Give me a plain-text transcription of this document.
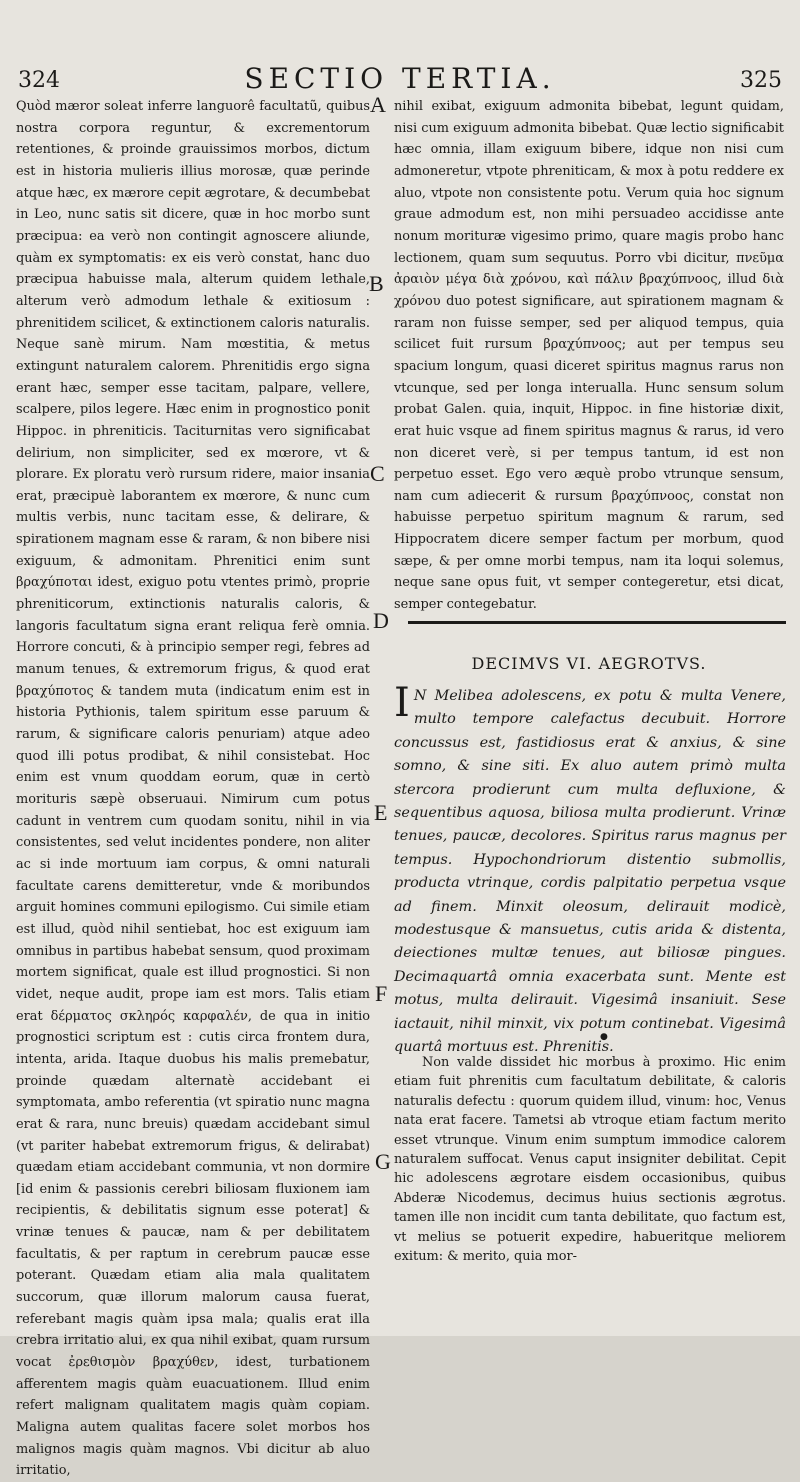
324	SECTIO TERTIA.	325

Quòd mæror soleat inferre languorê facultatũ, quibus nostra corpora reguntur, & excrementorum retentiones, & proinde grauissimos morbos, dictum est in historia mulieris illius morosæ, quæ perinde atque hæc, ex mærore cepit ægrotare, & decumbebat in Leo, nunc satis sit dicere, quæ in hoc morbo sunt præcipua: ea verò non contingit agnoscere aliunde, quàm ex symptomatis: ex eis verò constat, hanc duo præcipua habuisse mala, alterum quidem lethale, alterum verò admodum lethale & exitiosum : phrenitidem scilicet, & extinctionem caloris naturalis. Neque sanè mirum. Nam mœstitia, & metus extingunt naturalem calorem. Phrenitidis ergo signa erant hæc, semper esse tacitam, palpare, vellere, scalpere, pilos legere. Hæc enim in prognostico ponit Hippoc. in phreniticis. Taciturnitas vero significabat delirium, non simpliciter, sed ex mœrore, vt & plorare. Ex ploratu verò rursum ridere, maior insania erat, præcipuè laborantem ex mœrore, & nunc cum multis verbis, nunc tacitam esse, & delirare, & spirationem magnam esse & raram, & non bibere nisi exiguum, & admonitam. Phrenitici enim sunt βραχύποται idest, exiguo potu vtentes primò, proprie phreniticorum, extinctionis naturalis caloris, & langoris facultatum signa erant reliqua ferè omnia. Horrore concuti, & à principio semper regi, febres ad manum tenues, & extremorum frigus, & quod erat βραχύποτος & tandem muta (indicatum enim est in historia Pythionis, talem spiritum esse paruum & rarum, & significare caloris penuriam) atque adeo quod illi potus prodibat, & nihil consistebat. Hoc enim est vnum quoddam eorum, quæ in certò morituris sæpè obseruaui. Nimirum cum potus cadunt in ventrem cum quodam sonitu, nihil in via consistentes, sed velut incidentes pondere, non aliter ac si inde mortuum iam corpus, & omni naturali facultate carens demitteretur, vnde & moribundos arguit homines communi epilogismo. Cui simile etiam est illud, quòd nihil sentiebat, hoc est exiguum iam omnibus in partibus habebat sensum, quod proximam mortem significat, quale est illud prognostici. Si non videt, neque audit, prope iam est mors. Talis etiam erat δέρματος σκληρός καρφαλέν, de qua in initio prognostici scriptum est : cutis circa frontem dura, intenta, arida. Itaque duobus his malis premebatur, proinde quædam alternatè accidebant ei symptomata, ambo referentia (vt spiratio nunc magna erat & rara, nunc breuis) quædam accidebant simul (vt pariter habebat extremorum frigus, & delirabat) quædam etiam accidebant communia, vt non dormire [id enim & passionis cerebri biliosam fluxionem iam recipientis, & debilitatis signum esse poterat] & vrinæ tenues & paucæ, nam & per debilitatem facultatis, & per raptum in cerebrum paucæ esse poterant. Quædam etiam alia mala qualitatem succorum, quæ illorum malorum causa fuerat, referebant magis quàm ipsa mala; qualis erat illa crebra irritatio alui, ex qua nihil exibat, quam rursum vocat ἐρεθισμὸν βραχύθεν, idest, turbationem afferentem magis quàm euacuationem. Illud enim refert malignam qualitatem magis quàm copiam. Maligna autem qualitas facere solet morbos hos malignos magis quàm magnos. Vbi dicitur ab aluo irritatio,

nihil exibat, exiguum admonita bibebat, legunt quidam, nisi cum exiguum admonita bibebat. Quæ lectio significabit hæc omnia, illam exiguum bibere, idque non nisi cum admoneretur, vtpote phreniticam, & mox à potu reddere ex aluo, vtpote non consistente potu. Verum quia hoc signum graue admodum est, non mihi persuadeo accidisse ante nonum morituræ vigesimo primo, quare magis probo hanc lectionem, quam sum sequutus. Porro vbi dicitur, πνεῦμα ἀραιὸν μέγα διὰ χρόνου, καὶ πάλιν βραχύπνοος, illud διὰ χρόνου duo potest significare, aut spirationem magnam & raram non fuisse semper, sed per aliquod tempus, quia scilicet fuit rursum βραχύπνοος; aut per tempus seu spacium longum, quasi diceret spiritus magnus rarus non vtcunque, sed per longa interualla. Hunc sensum solum probat Galen. quia, inquit, Hippoc. in fine historiæ dixit, erat huic vsque ad finem spiritus magnus & rarus, id vero non diceret verè, si per tempus tantum, id est non perpetuo esset. Ego vero æquè probo vtrunque sensum, nam cum adiecerit & rursum βραχύπνοος, constat non habuisse perpetuo spiritum magnum & rarum, sed Hippocratem dicere semper factum per morbum, quod sæpe, & per omne morbi tempus, nam ita loqui solemus, neque sane opus fuit, vt semper contegeretur, etsi dicat, semper contegebatur.

A
B
C
D
E
F
G
DECIMVS VI. AEGROTVS.
I N Melibea adolescens, ex potu & multa Venere, multo tempore calefactus decubuit. Horrore concussus est, fastidiosus erat & anxius, & sine somno, & sine siti. Ex aluo autem primò multa stercora prodierunt cum multa defluxione, & sequentibus aquosa, biliosa multa prodierunt. Vrinæ tenues, paucæ, decolores. Spiritus rarus magnus per tempus. Hypochondriorum distentio submollis, producta vtrinque, cordis palpitatio perpetua vsque ad finem. Minxit oleosum, delirauit modicè, modestusque & mansuetus, cutis arida & distenta, deiectiones multæ tenues, aut biliosæ pingues. Decimaquartâ omnia exacerbata sunt. Mente est motus, multa delirauit. Vigesimâ insaniuit. Sese iactauit, nihil minxit, vix potum continebat. Vigesimâ quartâ mortuus est. Phrenitis.
●
Non valde dissidet hic morbus à proximo. Hic enim etiam fuit phrenitis cum facultatum debilitate, & caloris naturalis defectu : quorum quidem illud, vinum: hoc, Venus nata erat facere. Tametsi ab vtroque etiam factum merito esset vtrunque. Vinum enim sumptum immodice calorem naturalem suffocat. Venus caput insigniter debilitat. Cepit hic adolescens ægrotare eisdem occasionibus, quibus Abderæ Nicodemus, decimus huius sectionis ægrotus. tamen ille non incidit cum tanta debilitate, quo factum est, vt melius se potuerit expedire, habueritque meliorem exitum: & merito, quia mor-
